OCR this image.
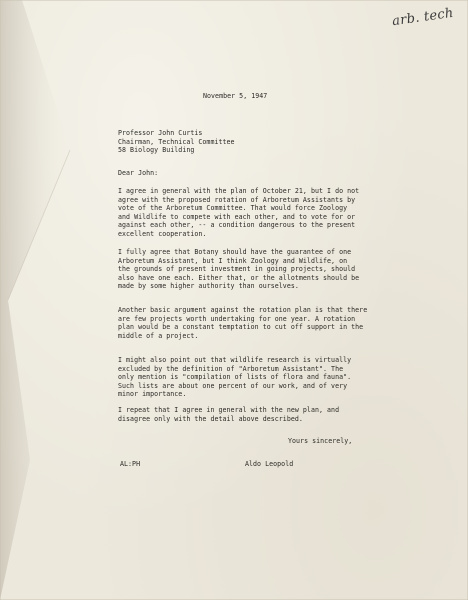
arb. tech
November 5, 1947
Professor John Curtis
Chairman, Technical Committee
58 Biology Building
Dear John:
I agree in general with the plan of October 21, but I do not
agree with the proposed rotation of Arboretum Assistants by
vote of the Arboretum Committee. That would force Zoology
and Wildlife to compete with each other, and to vote for or
against each other, -- a condition dangerous to the present
excellent cooperation.
I fully agree that Botany should have the guarantee of one
Arboretum Assistant, but I think Zoology and Wildlife, on
the grounds of present investment in going projects, should
also have one each. Either that, or the allotments should be
made by some higher authority than ourselves.
Another basic argument against the rotation plan is that there
are few projects worth undertaking for one year. A rotation
plan would be a constant temptation to cut off support in the
middle of a project.
I might also point out that wildlife research is virtually
excluded by the definition of "Arboretum Assistant". The
only mention is "compilation of lists of flora and fauna".
Such lists are about one percent of our work, and of very
minor importance.
I repeat that I agree in general with the new plan, and
disagree only with the detail above described.
Yours sincerely,
AL:PH	Aldo Leopold
